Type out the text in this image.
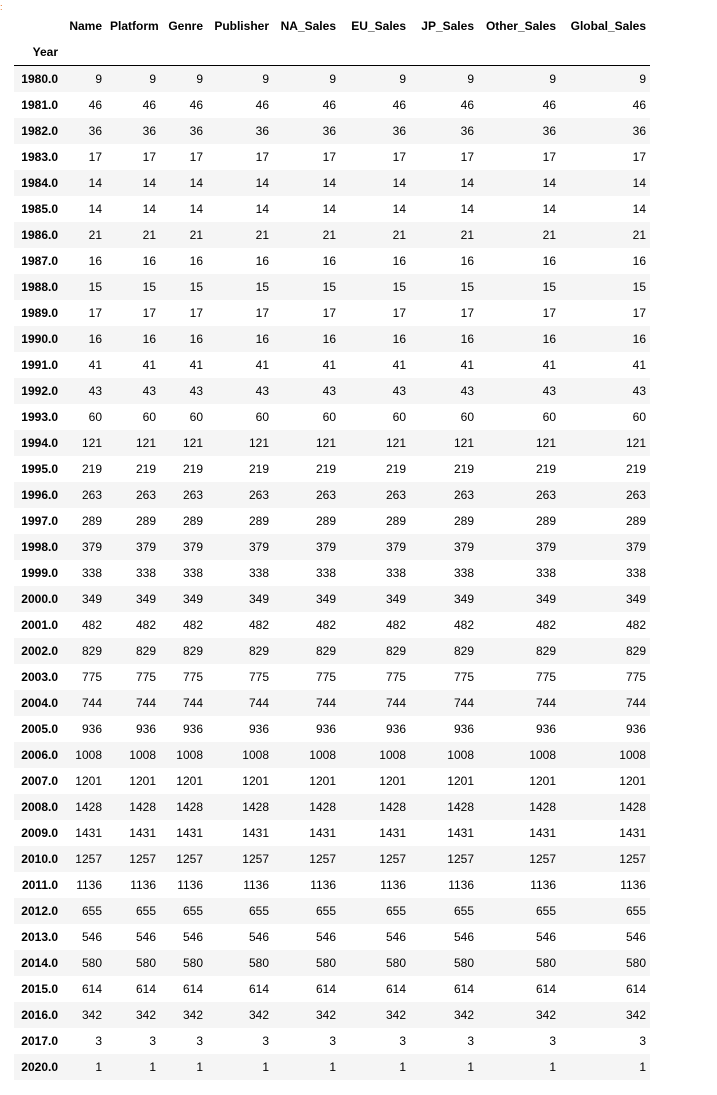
:
	Name	Platform	Genre	Publisher	NA_Sales	EU_Sales	JP_Sales	Other_Sales	Global_Sales
Year									
1980.0	9	9	9	9	9	9	9	9	9
1981.0	46	46	46	46	46	46	46	46	46
1982.0	36	36	36	36	36	36	36	36	36
1983.0	17	17	17	17	17	17	17	17	17
1984.0	14	14	14	14	14	14	14	14	14
1985.0	14	14	14	14	14	14	14	14	14
1986.0	21	21	21	21	21	21	21	21	21
1987.0	16	16	16	16	16	16	16	16	16
1988.0	15	15	15	15	15	15	15	15	15
1989.0	17	17	17	17	17	17	17	17	17
1990.0	16	16	16	16	16	16	16	16	16
1991.0	41	41	41	41	41	41	41	41	41
1992.0	43	43	43	43	43	43	43	43	43
1993.0	60	60	60	60	60	60	60	60	60
1994.0	121	121	121	121	121	121	121	121	121
1995.0	219	219	219	219	219	219	219	219	219
1996.0	263	263	263	263	263	263	263	263	263
1997.0	289	289	289	289	289	289	289	289	289
1998.0	379	379	379	379	379	379	379	379	379
1999.0	338	338	338	338	338	338	338	338	338
2000.0	349	349	349	349	349	349	349	349	349
2001.0	482	482	482	482	482	482	482	482	482
2002.0	829	829	829	829	829	829	829	829	829
2003.0	775	775	775	775	775	775	775	775	775
2004.0	744	744	744	744	744	744	744	744	744
2005.0	936	936	936	936	936	936	936	936	936
2006.0	1008	1008	1008	1008	1008	1008	1008	1008	1008
2007.0	1201	1201	1201	1201	1201	1201	1201	1201	1201
2008.0	1428	1428	1428	1428	1428	1428	1428	1428	1428
2009.0	1431	1431	1431	1431	1431	1431	1431	1431	1431
2010.0	1257	1257	1257	1257	1257	1257	1257	1257	1257
2011.0	1136	1136	1136	1136	1136	1136	1136	1136	1136
2012.0	655	655	655	655	655	655	655	655	655
2013.0	546	546	546	546	546	546	546	546	546
2014.0	580	580	580	580	580	580	580	580	580
2015.0	614	614	614	614	614	614	614	614	614
2016.0	342	342	342	342	342	342	342	342	342
2017.0	3	3	3	3	3	3	3	3	3
2020.0	1	1	1	1	1	1	1	1	1
